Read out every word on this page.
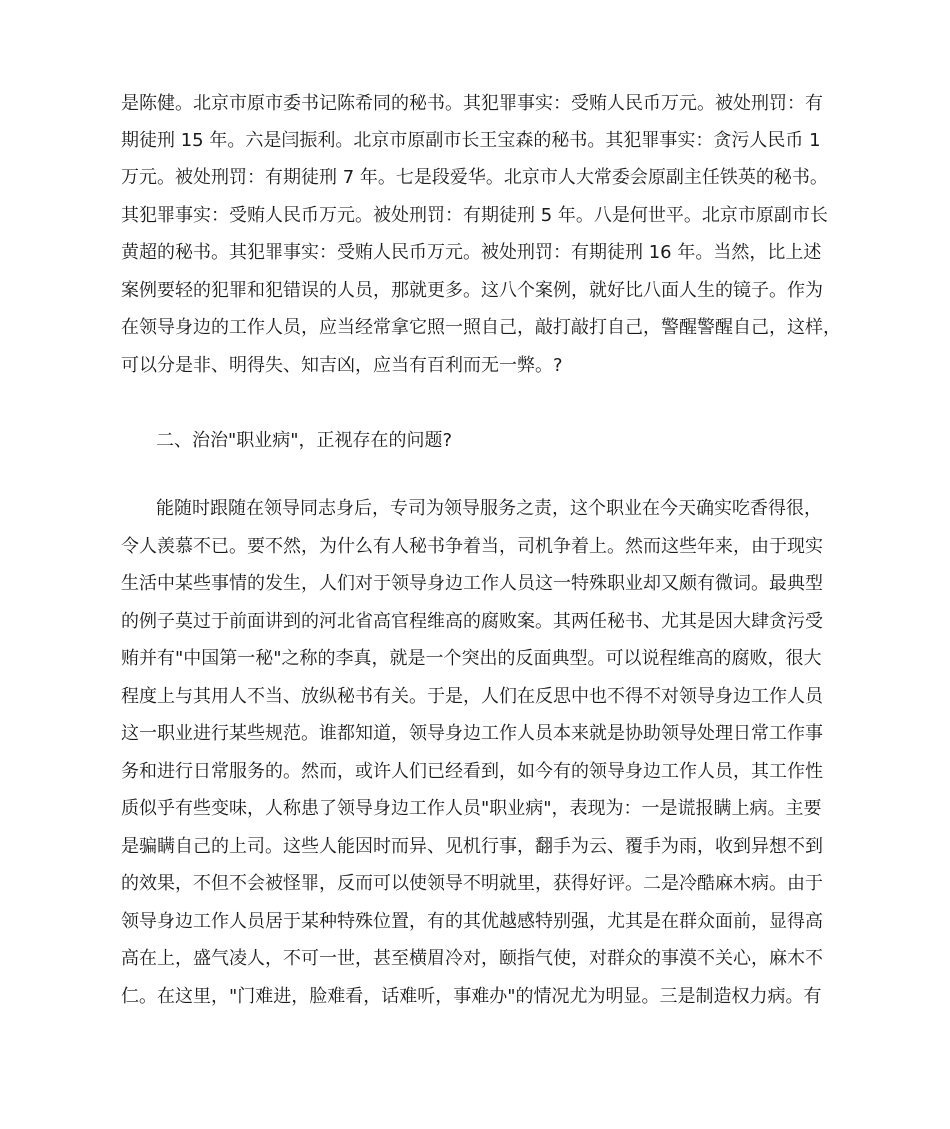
是陈健。北京市原市委书记陈希同的秘书。其犯罪事实：受贿人民币万元。被处刑罚：有
期徒刑 15 年。六是闫振利。北京市原副市长王宝森的秘书。其犯罪事实：贪污人民币 1
万元。被处刑罚：有期徒刑 7 年。七是段爱华。北京市人大常委会原副主任铁英的秘书。
其犯罪事实：受贿人民币万元。被处刑罚：有期徒刑 5 年。八是何世平。北京市原副市长
黄超的秘书。其犯罪事实：受贿人民币万元。被处刑罚：有期徒刑 16 年。当然，比上述
案例要轻的犯罪和犯错误的人员，那就更多。这八个案例，就好比八面人生的镜子。作为
在领导身边的工作人员，应当经常拿它照一照自己，敲打敲打自己，警醒警醒自己，这样，
可以分是非、明得失、知吉凶，应当有百利而无一弊。?
二、治治"职业病"，正视存在的问题?
能随时跟随在领导同志身后，专司为领导服务之责，这个职业在今天确实吃香得很，
令人羡慕不已。要不然，为什么有人秘书争着当，司机争着上。然而这些年来，由于现实
生活中某些事情的发生，人们对于领导身边工作人员这一特殊职业却又颇有微词。最典型
的例子莫过于前面讲到的河北省高官程维高的腐败案。其两任秘书、尤其是因大肆贪污受
贿并有"中国第一秘"之称的李真，就是一个突出的反面典型。可以说程维高的腐败，很大
程度上与其用人不当、放纵秘书有关。于是，人们在反思中也不得不对领导身边工作人员
这一职业进行某些规范。谁都知道，领导身边工作人员本来就是协助领导处理日常工作事
务和进行日常服务的。然而，或许人们已经看到，如今有的领导身边工作人员，其工作性
质似乎有些变味，人称患了领导身边工作人员"职业病"，表现为：一是谎报瞒上病。主要
是骗瞒自己的上司。这些人能因时而异、见机行事，翻手为云、覆手为雨，收到异想不到
的效果，不但不会被怪罪，反而可以使领导不明就里，获得好评。二是冷酷麻木病。由于
领导身边工作人员居于某种特殊位置，有的其优越感特别强，尤其是在群众面前，显得高
高在上，盛气凌人，不可一世，甚至横眉冷对，颐指气使，对群众的事漠不关心，麻木不
仁。在这里，"门难进，脸难看，话难听，事难办"的情况尤为明显。三是制造权力病。有
